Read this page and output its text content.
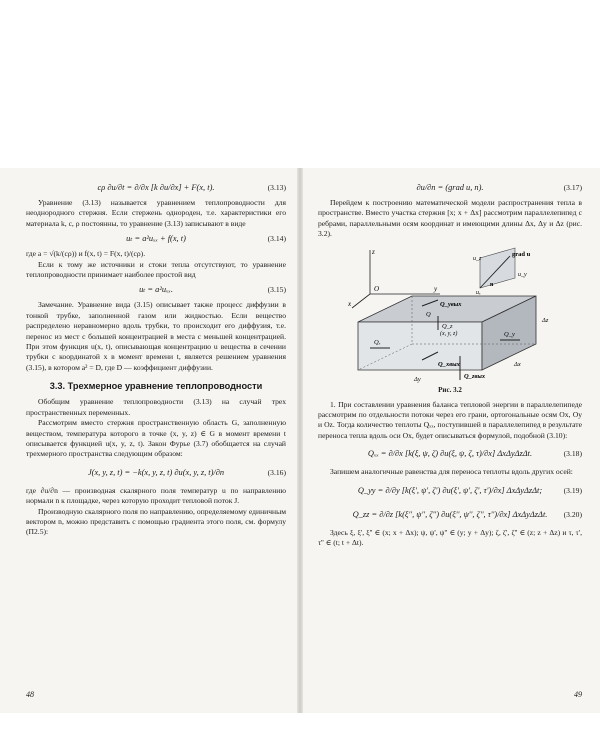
cρ ∂u/∂t = ∂/∂x [k ∂u/∂x] + F(x, t).	(3.13)

Уравнение (3.13) называется уравнением теплопроводности для неоднородного стержня. Если стержень однороден, т.е. характеристики его материала k, c, ρ постоянны, то уравнение (3.13) записывают в виде

uₜ = a²uₓₓ + f(x, t)	(3.14)

где a = √(k/(cρ)) и f(x, t) = F(x, t)/(cρ).

Если к тому же источники и стоки тепла отсутствуют, то уравнение теплопроводности принимает наиболее простой вид

uₜ = a²uₓₓ.	(3.15)

Замечание. Уравнение вида (3.15) описывает также процесс диффузии в тонкой трубке, заполненной газом или жидкостью. Если вещество распределено неравномерно вдоль трубки, то происходит его диффузия, т.е. перенос из мест с большей концентрацией в места с меньшей концентрацией. При этом функция u(x, t), описывающая концентрацию u вещества в сечении трубки с координатой x в момент времени t, является решением уравнения (3.15), в котором a² = D, где D — коэффициент диффузии.

3.3. Трехмерное уравнение теплопроводности

Обобщим уравнение теплопроводности (3.13) на случай трех пространственных переменных.

Рассмотрим вместо стержня пространственную область G, заполненную веществом, температура которого в точке (x, y, z) ∈ G в момент времени t описывается функцией u(x, y, z, t). Закон Фурье (3.7) обобщается на случай трехмерного пространства следующим образом:

J(x, y, z, t) = −k(x, y, z, t) ∂u(x, y, z, t)/∂n	(3.16)

где ∂u/∂n — производная скалярного поля температур u по направлению нормали n к площадке, через которую проходит тепловой поток J.

Производную скалярного поля по направлению, определяемому единичным вектором n, можно представить с помощью градиента этого поля, см. формулу (П2.5):

48
∂u/∂n = (grad u, n).	(3.17)

Перейдем к построению математической модели распространения тепла в пространстве. Вместо участка стержня [x; x + Δx] рассмотрим параллелепипед с ребрами, параллельными осям координат и имеющими длины Δx, Δy и Δz (рис. 3.2).

z
y
x
O
grad u
u_z
u_y
uₓ
n
Qₓ
Q_yвых
Q
Q_z
(x, y, z)
Q_xвых
Q_y
Q_zвых
Δz
Δx
Δy
Рис. 3.2

1. При составлении уравнения баланса тепловой энергии в параллелепипеде рассмотрим по отдельности потоки через его грани, ортогональные осям Ox, Oy и Oz. Тогда количество теплоты Qₓₓ, поступившей в параллелепипед в результате переноса тепла вдоль оси Ox, будет описываться формулой, подобной (3.10):

Qₓₓ = ∂/∂x [k(ξ, ψ, ζ) ∂u(ξ, ψ, ζ, τ)/∂x] ΔxΔyΔzΔt.	(3.18)

Запишем аналогичные равенства для переноса теплоты вдоль других осей:

Q_yy = ∂/∂y [k(ξ', ψ', ζ') ∂u(ξ', ψ', ζ', τ')/∂x] ΔxΔyΔzΔt;	(3.19)
Q_zz = ∂/∂z [k(ξ'', ψ'', ζ'') ∂u(ξ'', ψ'', ζ'', τ'')/∂x] ΔxΔyΔzΔt. (3.20)

Здесь ξ, ξ', ξ'' ∈ (x; x + Δx); ψ, ψ', ψ'' ∈ (y; y + Δy); ζ, ζ', ζ'' ∈ (z; z + Δz) и τ, τ', τ'' ∈ (t; t + Δt).

49
